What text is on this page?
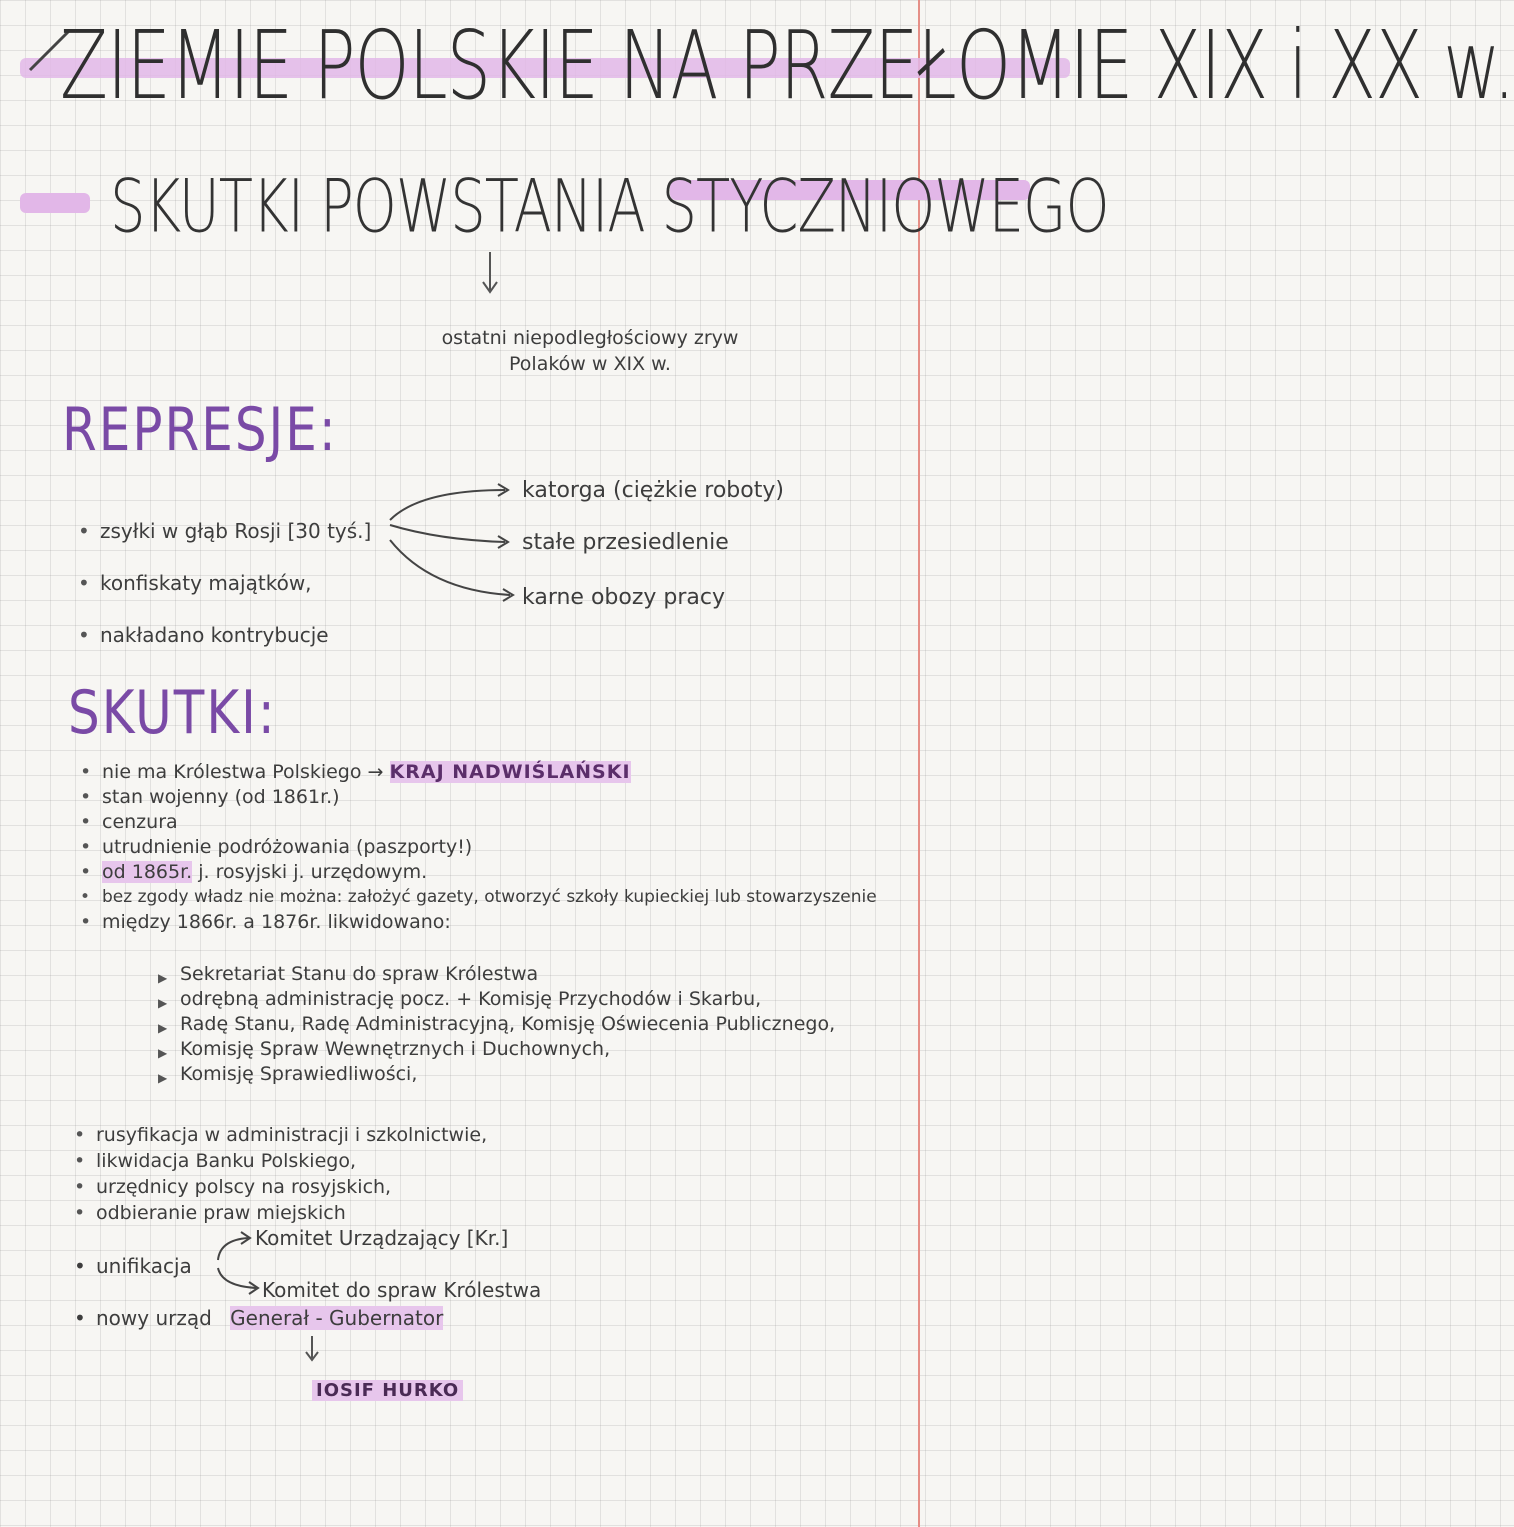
ZIEMIE POLSKIE NA PRZEŁOMIE XIX i XX w.
SKUTKI POWSTANIA STYCZNIOWEGO
ostatni niepodległościowy zryw Polaków w XIX w.
REPRESJE:
• zsyłki w głąb Rosji [30 tyś.]
• konfiskaty majątków,
• nakładano kontrybucje
katorga (ciężkie roboty)
stałe przesiedlenie
karne obozy pracy
SKUTKI:
• nie ma Królestwa Polskiego → KRAJ NADWIŚLAŃSKI
• stan wojenny (od 1861r.)
• cenzura
• utrudnienie podróżowania (paszporty!)
• od 1865r. j. rosyjski j. urzędowym.
• bez zgody władz nie można: założyć gazety, otworzyć szkoły kupieckiej lub stowarzyszenie
• między 1866r. a 1876r. likwidowano:
▶ Sekretariat Stanu do spraw Królestwa
▶ odrębną administrację pocz. + Komisję Przychodów i Skarbu,
▶ Radę Stanu, Radę Administracyjną, Komisję Oświecenia Publicznego,
▶ Komisję Spraw Wewnętrznych i Duchownych,
▶ Komisję Sprawiedliwości,
• rusyfikacja w administracji i szkolnictwie,
• likwidacja Banku Polskiego,
• urzędnicy polscy na rosyjskich,
• odbieranie praw miejskich
• unifikacja
Komitet Urządzający [Kr.]
Komitet do spraw Królestwa
• nowy urząd Generał - Gubernator
IOSIF HURKO
